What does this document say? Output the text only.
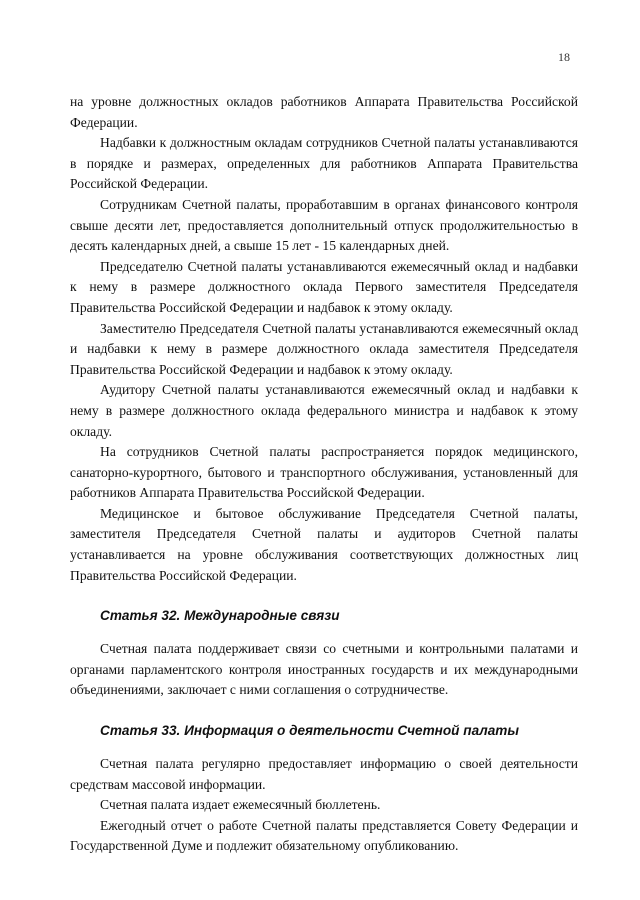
18

на уровне должностных окладов работников Аппарата Правительства Российской Федерации.

Надбавки к должностным окладам сотрудников Счетной палаты устанавливаются в порядке и размерах, определенных для работников Аппарата Правительства Российской Федерации.

Сотрудникам Счетной палаты, проработавшим в органах финансового контроля свыше десяти лет, предоставляется дополнительный отпуск продолжительностью в десять календарных дней, а свыше 15 лет - 15 календарных дней.

Председателю Счетной палаты устанавливаются ежемесячный оклад и надбавки к нему в размере должностного оклада Первого заместителя Председателя Правительства Российской Федерации и надбавок к этому окладу.

Заместителю Председателя Счетной палаты устанавливаются ежемесячный оклад и надбавки к нему в размере должностного оклада заместителя Председателя Правительства Российской Федерации и надбавок к этому окладу.

Аудитору Счетной палаты устанавливаются ежемесячный оклад и надбавки к нему в размере должностного оклада федерального министра и надбавок к этому окладу.

На сотрудников Счетной палаты распространяется порядок медицинского, санаторно-курортного, бытового и транспортного обслуживания, установленный для работников Аппарата Правительства Российской Федерации.

Медицинское и бытовое обслуживание Председателя Счетной палаты, заместителя Председателя Счетной палаты и аудиторов Счетной палаты устанавливается на уровне обслуживания соответствующих должностных лиц Правительства Российской Федерации.

Статья 32. Международные связи

Счетная палата поддерживает связи со счетными и контрольными палатами и органами парламентского контроля иностранных государств и их международными объединениями, заключает с ними соглашения о сотрудничестве.

Статья 33. Информация о деятельности Счетной палаты

Счетная палата регулярно предоставляет информацию о своей деятельности средствам массовой информации.

Счетная палата издает ежемесячный бюллетень.

Ежегодный отчет о работе Счетной палаты представляется Совету Федерации и Государственной Думе и подлежит обязательному опубликованию.
